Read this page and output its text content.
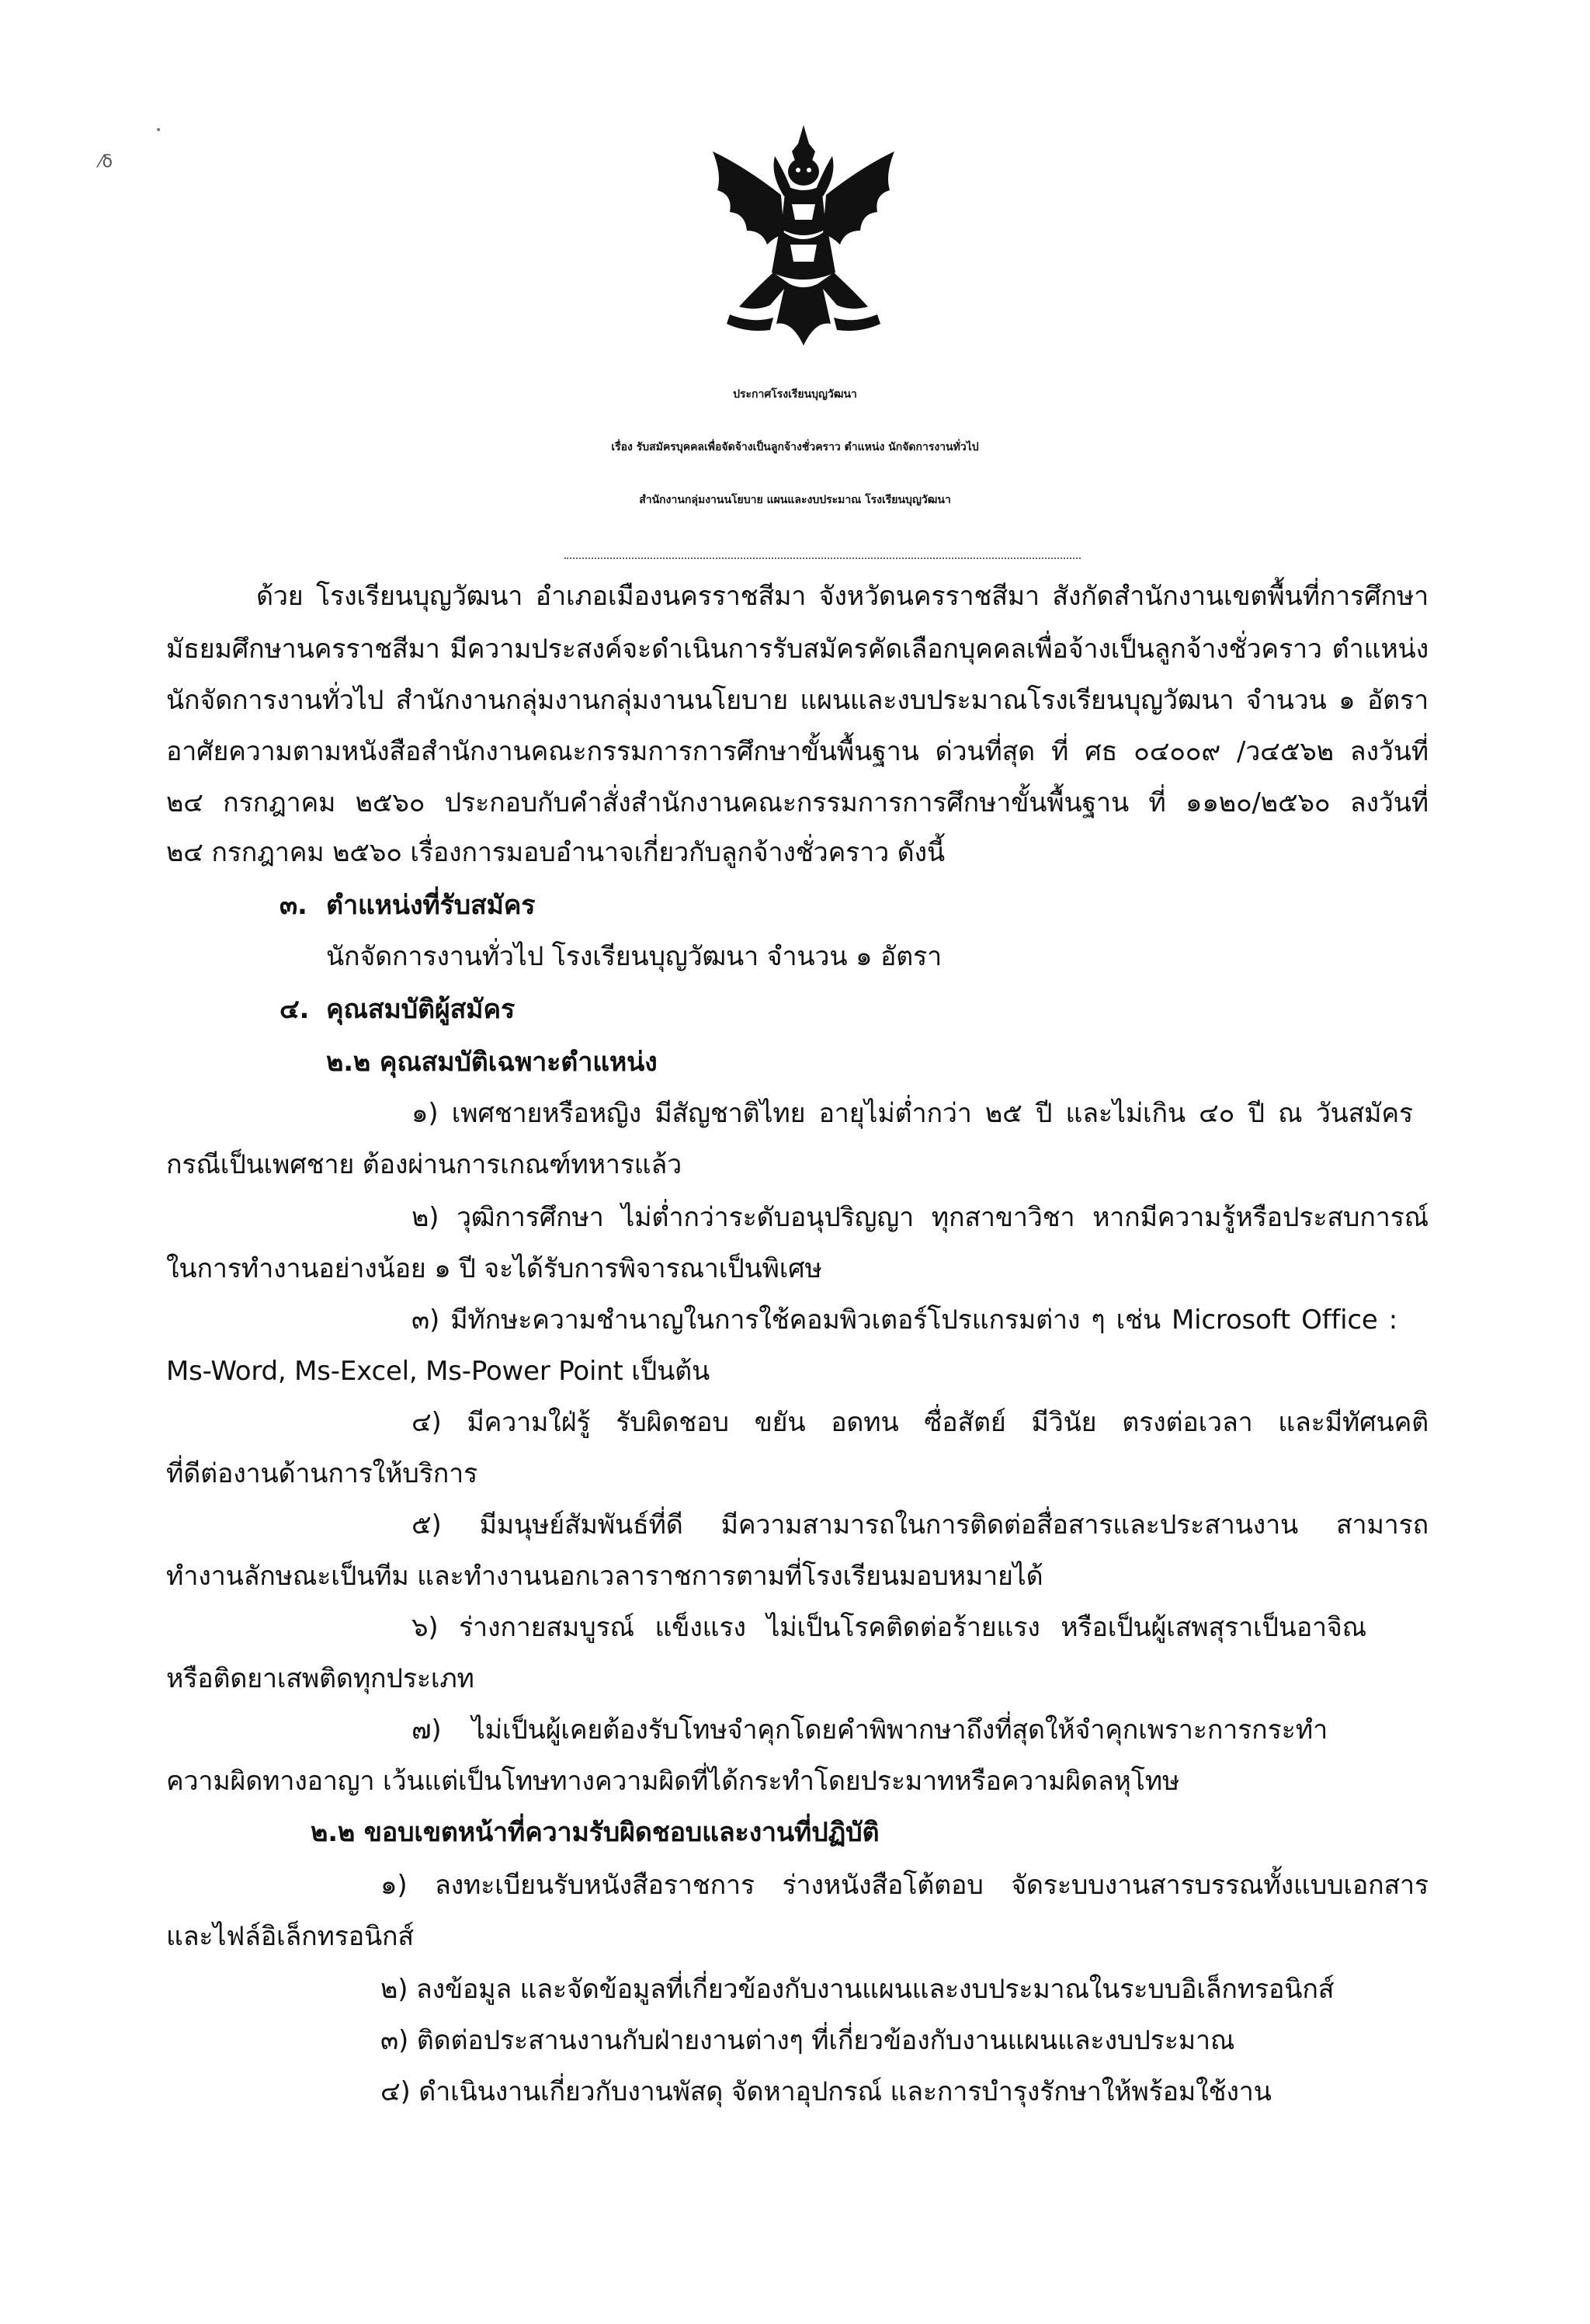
•
⁄δ
ประกาศโรงเรียนบุญวัฒนา
เรื่อง รับสมัครบุคคลเพื่อจัดจ้างเป็นลูกจ้างชั่วคราว ตำแหน่ง นักจัดการงานทั่วไป
สำนักงานกลุ่มงานนโยบาย แผนและงบประมาณ โรงเรียนบุญวัฒนา
ด้วย โรงเรียนบุญวัฒนา อำเภอเมืองนครราชสีมา จังหวัดนครราชสีมา สังกัดสำนักงานเขตพื้นที่การศึกษา
มัธยมศึกษานครราชสีมา มีความประสงค์จะดำเนินการรับสมัครคัดเลือกบุคคลเพื่อจ้างเป็นลูกจ้างชั่วคราว ตำแหน่ง
นักจัดการงานทั่วไป สำนักงานกลุ่มงานกลุ่มงานนโยบาย แผนและงบประมาณโรงเรียนบุญวัฒนา จำนวน ๑ อัตรา
อาศัยความตามหนังสือสำนักงานคณะกรรมการการศึกษาขั้นพื้นฐาน ด่วนที่สุด ที่ ศธ ๐๔๐๐๙ /ว๔๕๖๒ ลงวันที่
๒๔ กรกฎาคม ๒๕๖๐ ประกอบกับคำสั่งสำนักงานคณะกรรมการการศึกษาขั้นพื้นฐาน ที่ ๑๑๒๐/๒๕๖๐ ลงวันที่
๒๔ กรกฎาคม ๒๕๖๐ เรื่องการมอบอำนาจเกี่ยวกับลูกจ้างชั่วคราว ดังนี้
๓. ตำแหน่งที่รับสมัคร
นักจัดการงานทั่วไป โรงเรียนบุญวัฒนา จำนวน ๑ อัตรา
๔. คุณสมบัติผู้สมัคร
๒.๒ คุณสมบัติเฉพาะตำแหน่ง
๑) เพศชายหรือหญิง มีสัญชาติไทย อายุไม่ต่ำกว่า ๒๕ ปี และไม่เกิน ๔๐ ปี ณ วันสมัคร
กรณีเป็นเพศชาย ต้องผ่านการเกณฑ์ทหารแล้ว
๒) วุฒิการศึกษา ไม่ต่ำกว่าระดับอนุปริญญา ทุกสาขาวิชา หากมีความรู้หรือประสบการณ์
ในการทำงานอย่างน้อย ๑ ปี จะได้รับการพิจารณาเป็นพิเศษ
๓) มีทักษะความชำนาญในการใช้คอมพิวเตอร์โปรแกรมต่าง ๆ เช่น Microsoft Office :
Ms-Word, Ms-Excel, Ms-Power Point เป็นต้น
๔) มีความใฝ่รู้ รับผิดชอบ ขยัน อดทน ซื่อสัตย์ มีวินัย ตรงต่อเวลา และมีทัศนคติ
ที่ดีต่องานด้านการให้บริการ
๕) มีมนุษย์สัมพันธ์ที่ดี มีความสามารถในการติดต่อสื่อสารและประสานงาน สามารถ
ทำงานลักษณะเป็นทีม และทำงานนอกเวลาราชการตามที่โรงเรียนมอบหมายได้
๖) ร่างกายสมบูรณ์ แข็งแรง ไม่เป็นโรคติดต่อร้ายแรง หรือเป็นผู้เสพสุราเป็นอาจิณ
หรือติดยาเสพติดทุกประเภท
๗) ไม่เป็นผู้เคยต้องรับโทษจำคุกโดยคำพิพากษาถึงที่สุดให้จำคุกเพราะการกระทำ
ความผิดทางอาญา เว้นแต่เป็นโทษทางความผิดที่ได้กระทำโดยประมาทหรือความผิดลหุโทษ
๒.๒ ขอบเขตหน้าที่ความรับผิดชอบและงานที่ปฏิบัติ
๑) ลงทะเบียนรับหนังสือราชการ ร่างหนังสือโต้ตอบ จัดระบบงานสารบรรณทั้งแบบเอกสาร
และไฟล์อิเล็กทรอนิกส์
๒) ลงข้อมูล และจัดข้อมูลที่เกี่ยวข้องกับงานแผนและงบประมาณในระบบอิเล็กทรอนิกส์
๓) ติดต่อประสานงานกับฝ่ายงานต่างๆ ที่เกี่ยวข้องกับงานแผนและงบประมาณ
๔) ดำเนินงานเกี่ยวกับงานพัสดุ จัดหาอุปกรณ์ และการบำรุงรักษาให้พร้อมใช้งาน
